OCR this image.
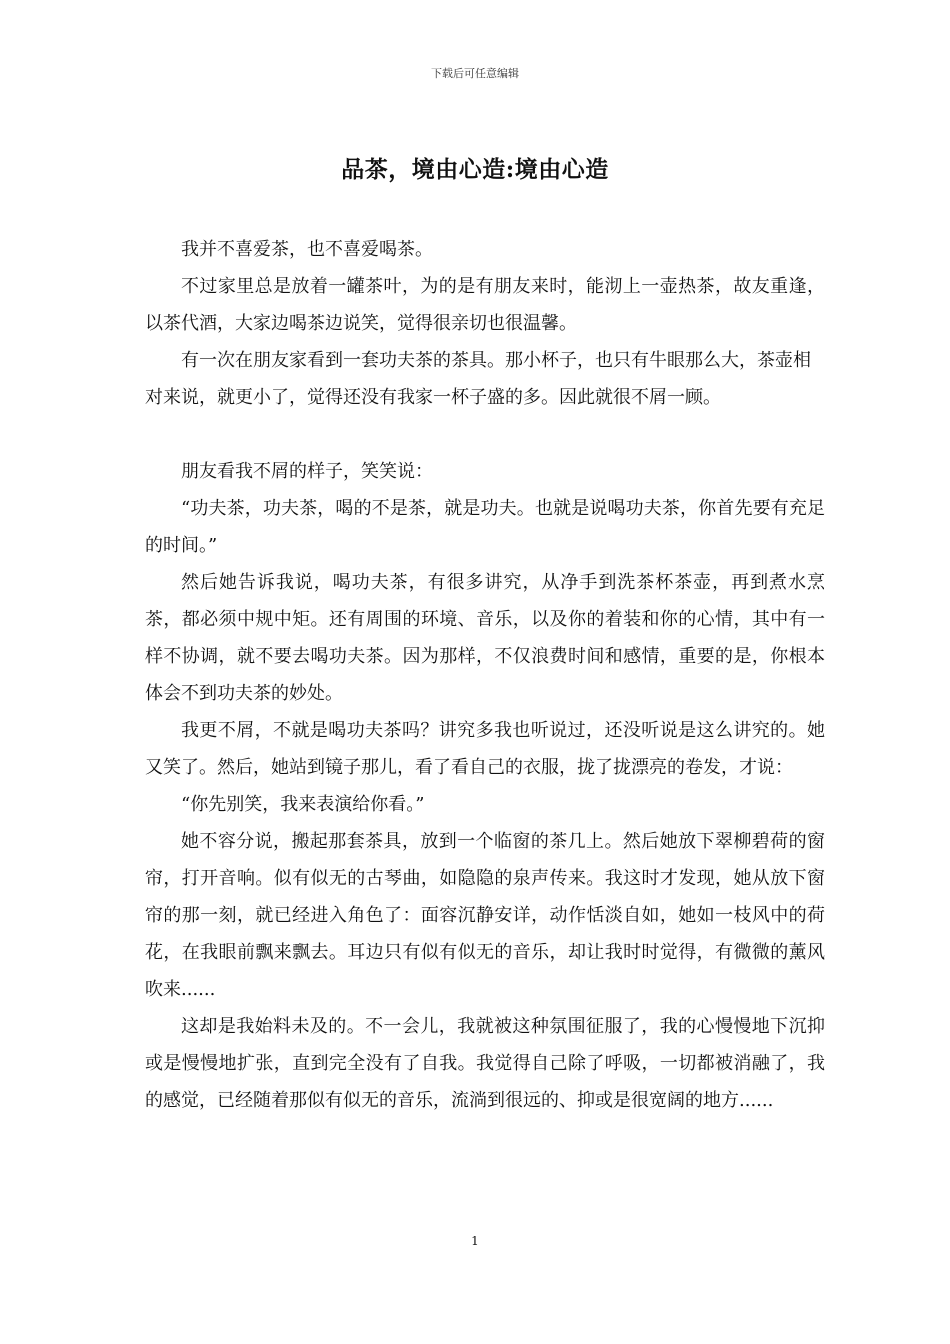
下载后可任意编辑
品茶，境由心造:境由心造

我并不喜爱茶，也不喜爱喝茶。

不过家里总是放着一罐茶叶，为的是有朋友来时，能沏上一壶热茶，故友重逢，以茶代酒，大家边喝茶边说笑，觉得很亲切也很温馨。

有一次在朋友家看到一套功夫茶的茶具。那小杯子，也只有牛眼那么大，茶壶相对来说，就更小了，觉得还没有我家一杯子盛的多。因此就很不屑一顾。

朋友看我不屑的样子，笑笑说：

“功夫茶，功夫茶，喝的不是茶，就是功夫。也就是说喝功夫茶，你首先要有充足的时间。”

然后她告诉我说，喝功夫茶，有很多讲究，从净手到洗茶杯茶壶，再到煮水烹茶，都必须中规中矩。还有周围的环境、音乐，以及你的着装和你的心情，其中有一样不协调，就不要去喝功夫茶。因为那样，不仅浪费时间和感情，重要的是，你根本体会不到功夫茶的妙处。

我更不屑，不就是喝功夫茶吗？讲究多我也听说过，还没听说是这么讲究的。她又笑了。然后，她站到镜子那儿，看了看自己的衣服，拢了拢漂亮的卷发，才说：

“你先别笑，我来表演给你看。”

她不容分说，搬起那套茶具，放到一个临窗的茶几上。然后她放下翠柳碧荷的窗帘，打开音响。似有似无的古琴曲，如隐隐的泉声传来。我这时才发现，她从放下窗帘的那一刻，就已经进入角色了：面容沉静安详，动作恬淡自如，她如一枝风中的荷花，在我眼前飘来飘去。耳边只有似有似无的音乐，却让我时时觉得，有微微的薰风吹来......

这却是我始料未及的。不一会儿，我就被这种氛围征服了，我的心慢慢地下沉抑或是慢慢地扩张，直到完全没有了自我。我觉得自己除了呼吸，一切都被消融了，我的感觉，已经随着那似有似无的音乐，流淌到很远的、抑或是很宽阔的地方......

1
